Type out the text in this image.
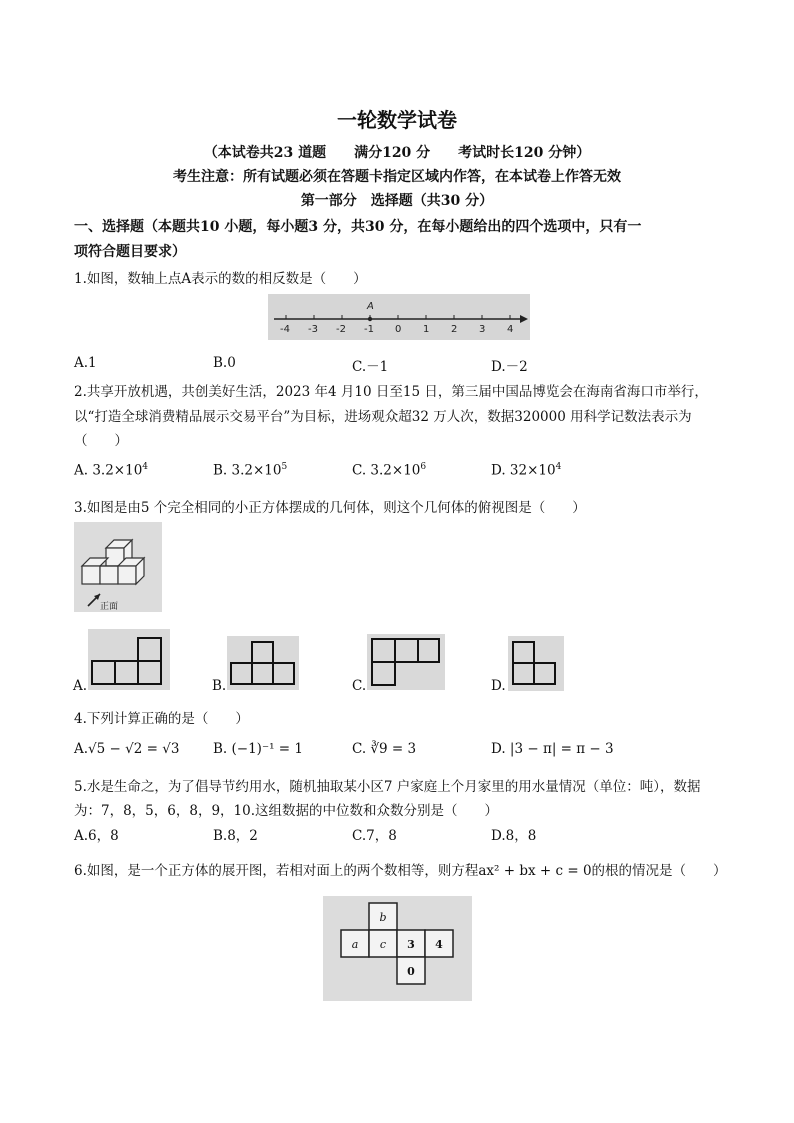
一轮数学试卷
（本试卷共23 道题　　满分120 分　　考试时长120 分钟）
考生注意：所有试题必须在答题卡指定区域内作答，在本试卷上作答无效
第一部分　选择题（共30 分）
一、选择题（本题共10 小题，每小题3 分，共30 分，在每小题给出的四个选项中，只有一
项符合题目要求）
1.如图，数轴上点A表示的数的相反数是（　　）
-4 -3 -2 -1 0 1 2 3 4
A
A.1	B.0	C.－1	D.－2
2.共享开放机遇，共创美好生活，2023 年4 月10 日至15 日，第三届中国品博览会在海南省海口市举行，
以“打造全球消费精品展示交易平台”为目标，进场观众超32 万人次，数据320000 用科学记数法表示为
（　　）
A. $3.2\times 10^4$	B. $3.2\times 10^5$	C. $3.2\times 10^6$	D. $32\times 10^4$
3.如图是由5 个完全相同的小正方体摆成的几何体，则这个几何体的俯视图是（　　）
正面
A.	B.	C.	D.
4.下列计算正确的是（　　）
A.√5 − √2 = √3 B. (−1)⁻¹ = 1	C. ∛9 = 3	D. |3 − π| = π − 3
5.水是生命之，为了倡导节约用水，随机抽取某小区7 户家庭上个月家里的用水量情况（单位：吨），数据
为：7，8，5，6，8，9，10.这组数据的中位数和众数分别是（　　）
A.6，8	B.8，2	C.7，8	D.8，8
6.如图，是一个正方体的展开图，若相对面上的两个数相等，则方程ax² + bx + c = 0的根的情况是（　　）
b
a c 3 4
0
